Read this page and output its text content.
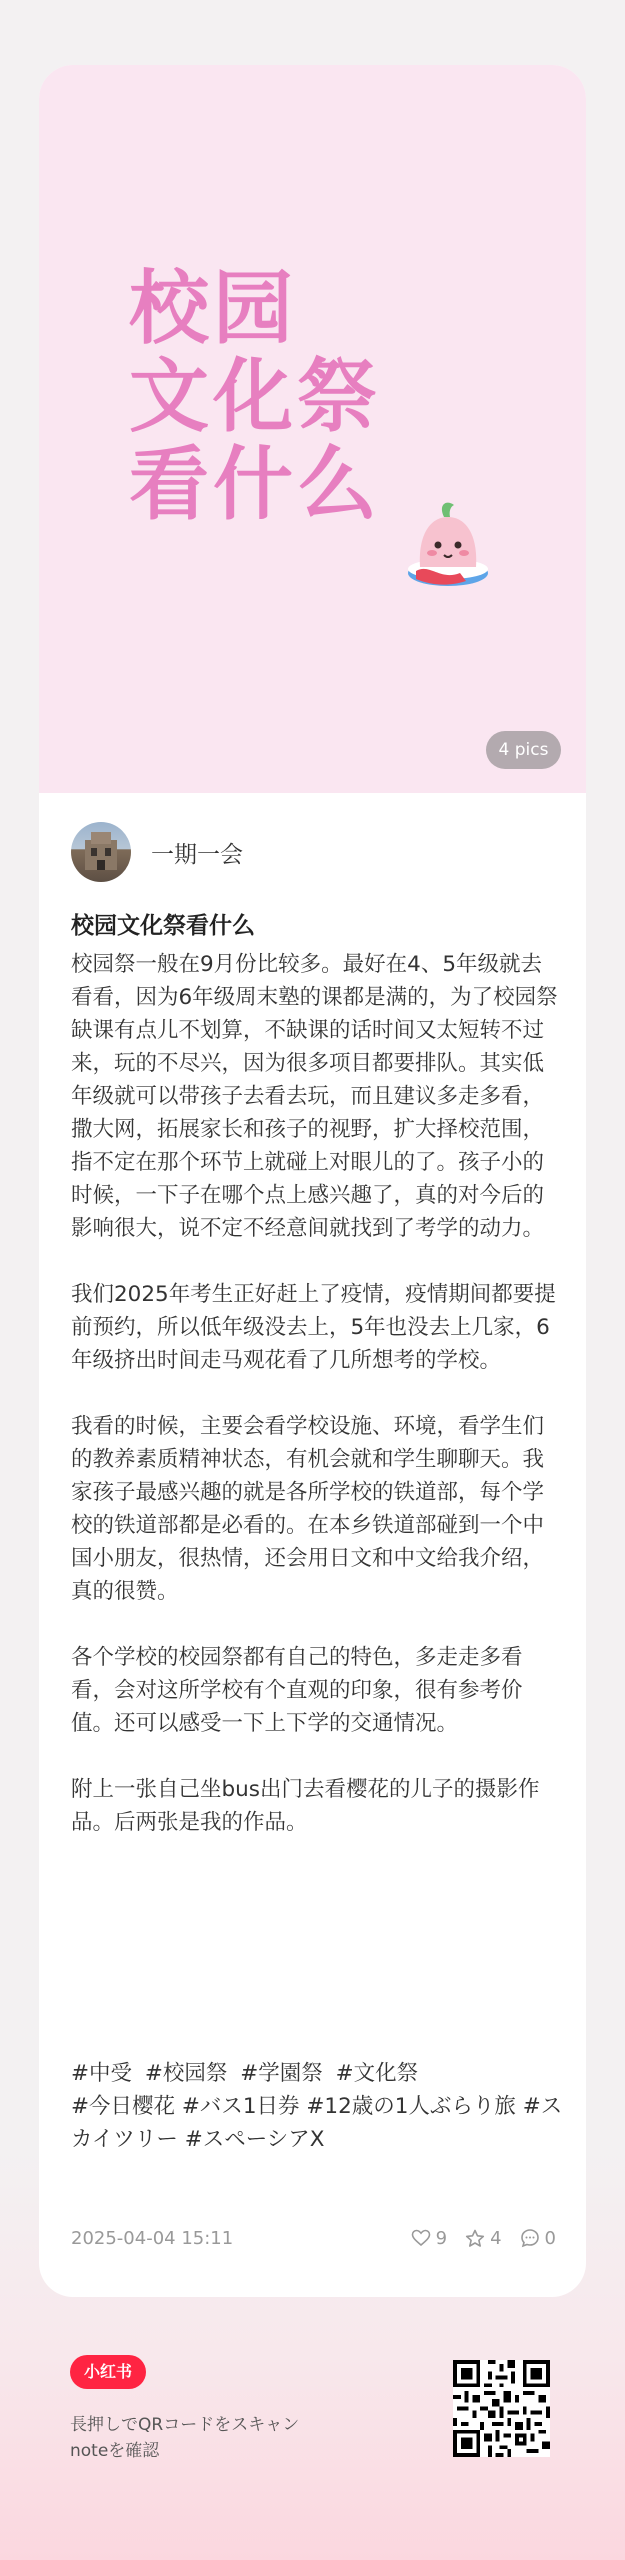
校园
文化祭
看什么
4 pics
一期一会
校园文化祭看什么

校园祭一般在9月份比较多。最好在4、5年级就去看看，因为6年级周末塾的课都是满的，为了校园祭缺课有点儿不划算，不缺课的话时间又太短转不过来，玩的不尽兴，因为很多项目都要排队。其实低年级就可以带孩子去看去玩，而且建议多走多看，撒大网，拓展家长和孩子的视野，扩大择校范围，指不定在那个环节上就碰上对眼儿的了。孩子小的时候，一下子在哪个点上感兴趣了，真的对今后的影响很大，说不定不经意间就找到了考学的动力。

我们2025年考生正好赶上了疫情，疫情期间都要提前预约，所以低年级没去上，5年也没去上几家，6年级挤出时间走马观花看了几所想考的学校。

我看的时候，主要会看学校设施、环境，看学生们的教养素质精神状态，有机会就和学生聊聊天。我家孩子最感兴趣的就是各所学校的铁道部，每个学校的铁道部都是必看的。在本乡铁道部碰到一个中国小朋友，很热情，还会用日文和中文给我介绍，真的很赞。

各个学校的校园祭都有自己的特色，多走走多看看，会对这所学校有个直观的印象，很有参考价值。还可以感受一下上下学的交通情况。

附上一张自己坐bus出门去看樱花的儿子的摄影作品。后两张是我的作品。

#中受 #校园祭 #学園祭 #文化祭
#今日樱花 #バス1日券 #12歳の1人ぶらり旅 #スカイツリー #スペーシアX
2025-04-04 15:11	9 4 0
小红书
長押しでQRコードをスキャン
noteを確認
